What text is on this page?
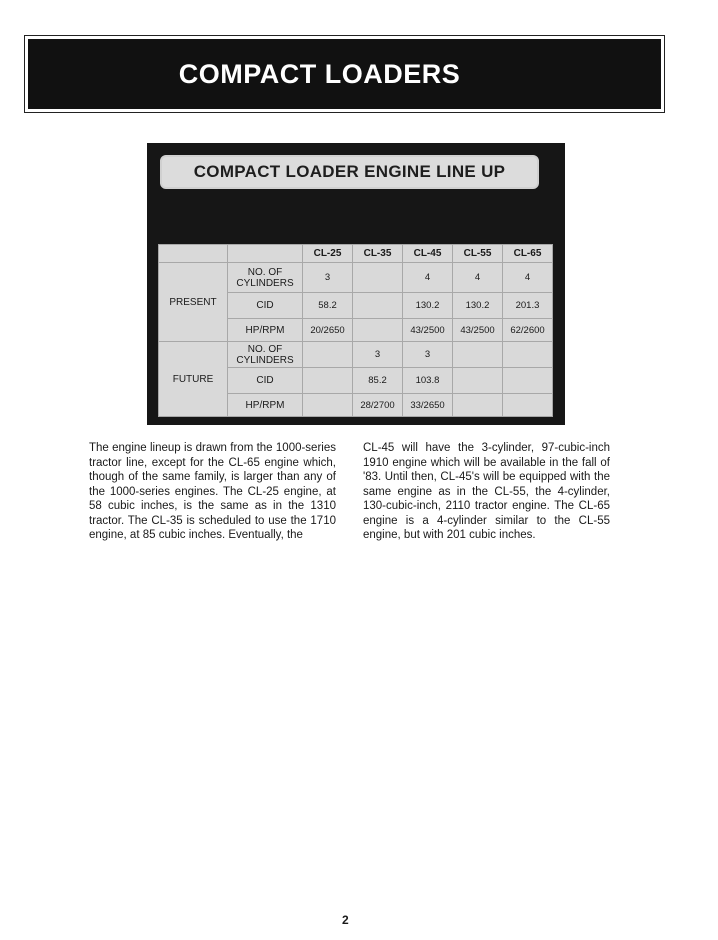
COMPACT LOADERS
COMPACT LOADER ENGINE LINE UP
		CL-25	CL-35	CL-45	CL-55	CL-65
PRESENT	NO. OF CYLINDERS	3		4	4	4
	CID	58.2		130.2	130.2	201.3
	HP/RPM	20/2650		43/2500	43/2500	62/2600
FUTURE	NO. OF CYLINDERS		3	3		
	CID		85.2	103.8		
	HP/RPM		28/2700	33/2650		
The engine lineup is drawn from the 1000-series tractor line, except for the CL-65 engine which, though of the same family, is larger than any of the 1000-series engines. The CL-25 engine, at 58 cubic inches, is the same as in the 1310 tractor. The CL-35 is scheduled to use the 1710 engine, at 85 cubic inches. Eventually, the
CL-45 will have the 3-cylinder, 97-cubic-inch 1910 engine which will be available in the fall of '83. Until then, CL-45's will be equipped with the same engine as in the CL-55, the 4-cylinder, 130-cubic-inch, 2110 tractor engine. The CL-65 engine is a 4-cylinder similar to the CL-55 engine, but with 201 cubic inches.
2
